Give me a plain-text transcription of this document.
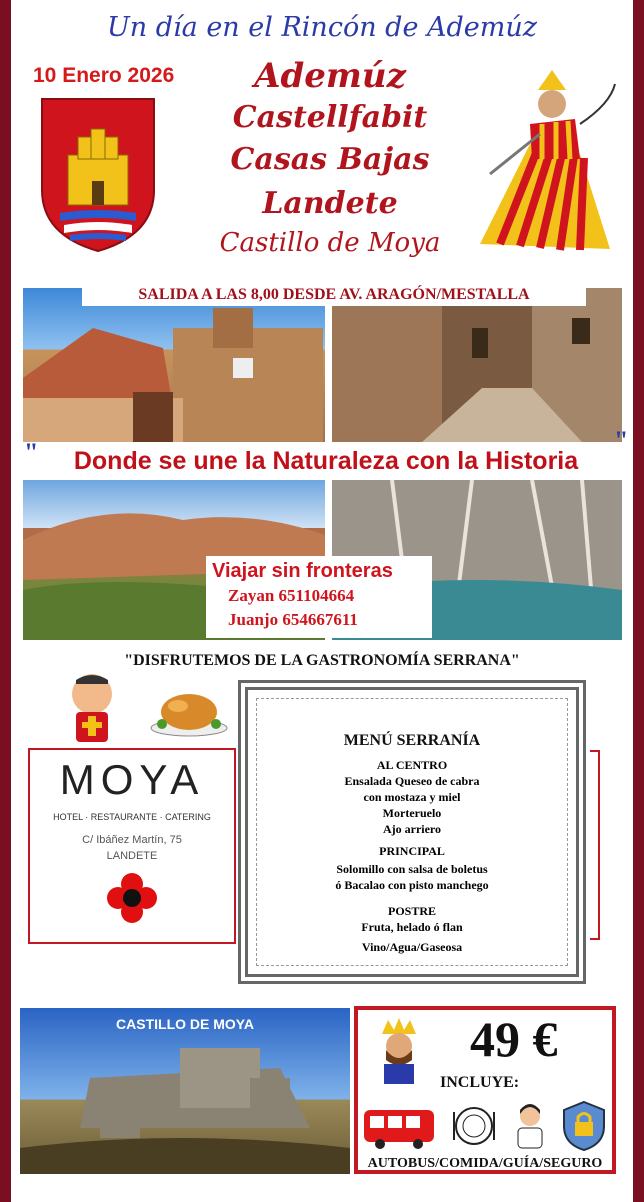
Un día en el Rincón de Ademúz
10 Enero 2026	Ademúz
Castellfabit
Casas Bajas
Landete
Castillo de Moya
SALIDA A LAS 8,00 DESDE AV. ARAGÓN/MESTALLA
"	Donde se une la Naturaleza con la Historia
"
Viajar sin fronteras
Zayan 651104664
Juanjo 654667611
"DISFRUTEMOS DE LA GASTRONOMÍA SERRANA"
MOYA
HOTEL · RESTAURANTE · CATERING
C/ Ibáñez Martín, 75
LANDETE
MENÚ SERRANÍA
AL CENTRO
Ensalada Queseo de cabra
con mostaza y miel
Morteruelo
Ajo arriero
PRINCIPAL
Solomillo con salsa de boletus
ó Bacalao con pisto manchego
POSTRE
Fruta, helado ó flan
Vino/Agua/Gaseosa
CASTILLO DE MOYA	49 €
INCLUYE:
AUTOBUS/COMIDA/GUÍA/SEGURO
